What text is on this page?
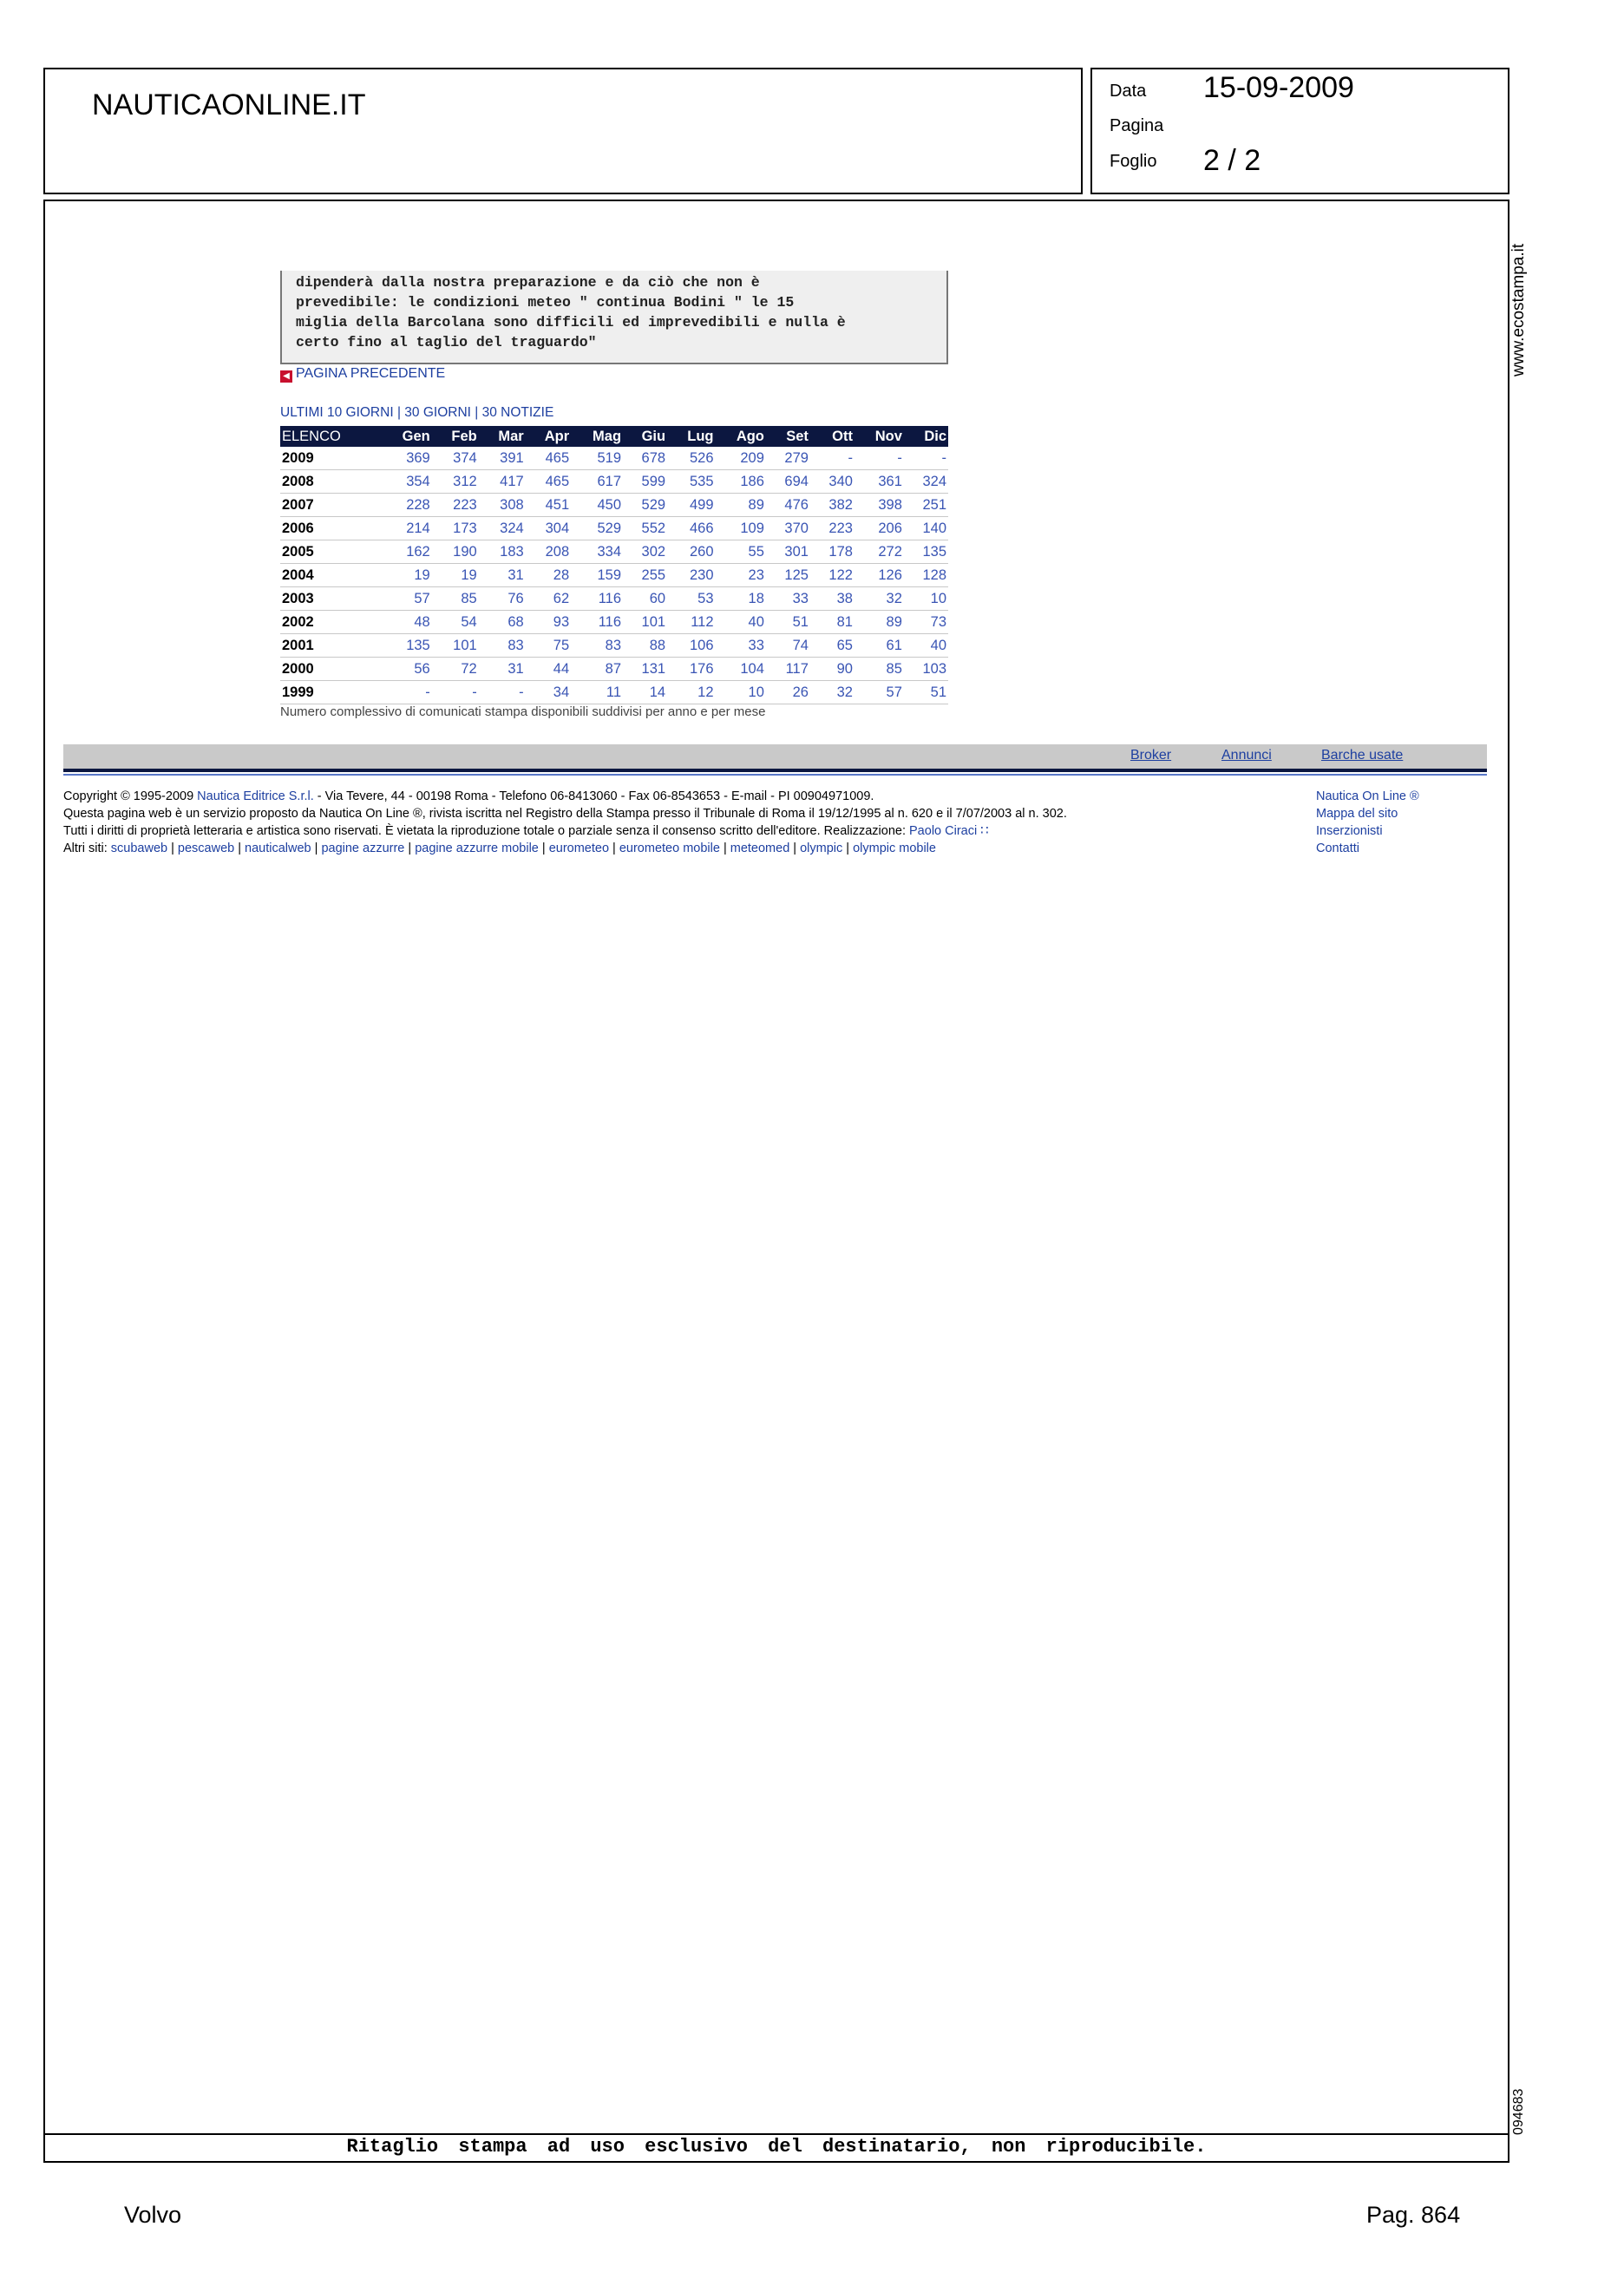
NAUTICAONLINE.IT	Data 15-09-2009
Pagina
Foglio 2 / 2
Ritaglio stampa ad uso esclusivo del destinatario, non riproducibile.
www.ecostampa.it
094683

dipenderà dalla nostra preparazione e da ciò che non è

prevedibile: le condizioni meteo " continua Bodini " le 15

miglia della Barcolana sono difficili ed imprevedibili e nulla è

certo fino al taglio del traguardo"

◀ PAGINA PRECEDENTE
ULTIMI 10 GIORNI | 30 GIORNI | 30 NOTIZIE
ELENCO	Gen	Feb	Mar	Apr	Mag	Giu	Lug	Ago	Set	Ott	Nov	Dic
2009	369	374	391	465	519	678	526	209	279	-	-	-
2008	354	312	417	465	617	599	535	186	694	340	361	324
2007	228	223	308	451	450	529	499	89	476	382	398	251
2006	214	173	324	304	529	552	466	109	370	223	206	140
2005	162	190	183	208	334	302	260	55	301	178	272	135
2004	19	19	31	28	159	255	230	23	125	122	126	128
2003	57	85	76	62	116	60	53	18	33	38	32	10
2002	48	54	68	93	116	101	112	40	51	81	89	73
2001	135	101	83	75	83	88	106	33	74	65	61	40
2000	56	72	31	44	87	131	176	104	117	90	85	103
1999	-	-	-	34	11	14	12	10	26	32	57	51
Numero complessivo di comunicati stampa disponibili suddivisi per anno e per mese
Broker	Annunci	Barche usate
Copyright © 1995-2009 Nautica Editrice S.r.l. - Via Tevere, 44 - 00198 Roma - Telefono 06-8413060 - Fax 06-8543653 - E-mail - PI 00904971009.
Questa pagina web è un servizio proposto da Nautica On Line ®, rivista iscritta nel Registro della Stampa presso il Tribunale di Roma il 19/12/1995 al n. 620 e il 7/07/2003 al n. 302.
Tutti i diritti di proprietà letteraria e artistica sono riservati. È vietata la riproduzione totale o parziale senza il consenso scritto dell'editore. Realizzazione: Paolo Ciraci ∷
Altri siti: scubaweb | pescaweb | nauticalweb | pagine azzurre | pagine azzurre mobile | eurometeo | eurometeo mobile | meteomed | olympic | olympic mobile
Nautica On Line ®
Mappa del sito
Inserzionisti
Contatti
Volvo	Pag. 864
